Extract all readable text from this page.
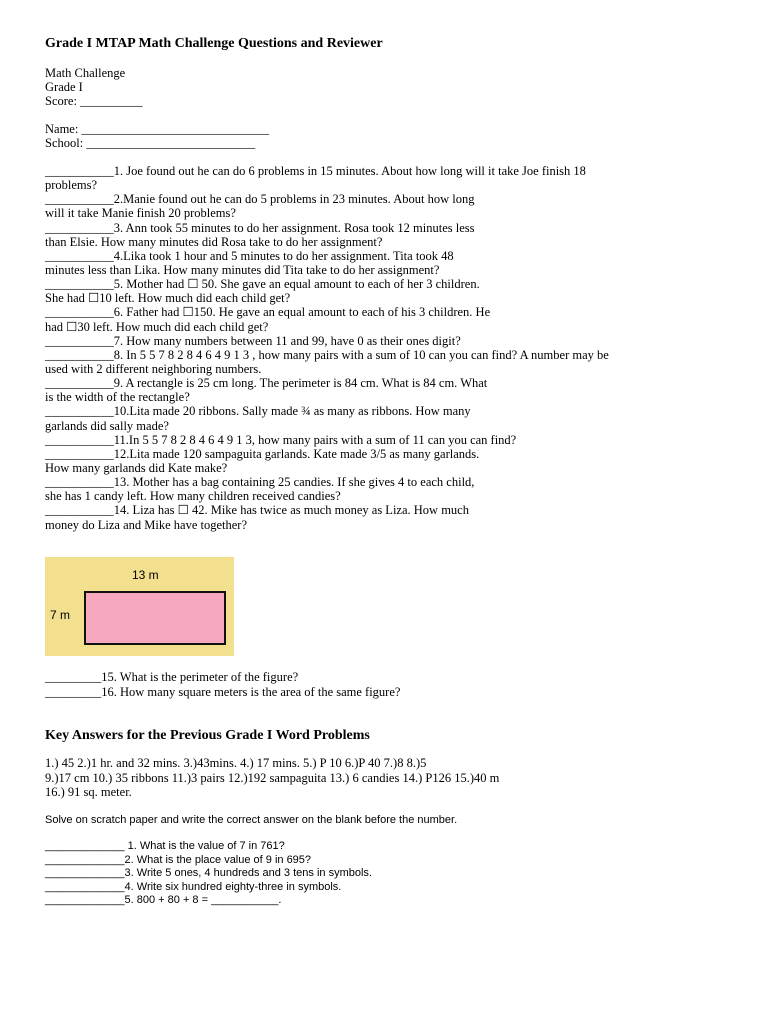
Grade I MTAP Math Challenge Questions and Reviewer
Math Challenge
Grade I
Score: __________
Name: ______________________________
School: ___________________________
___________1. Joe found out he can do 6 problems in 15 minutes. About how long will it take Joe finish 18
problems?
___________2.Manie found out he can do 5 problems in 23 minutes. About how long
will it take Manie finish 20 problems?
___________3. Ann took 55 minutes to do her assignment. Rosa took 12 minutes less
than Elsie. How many minutes did Rosa take to do her assignment?
___________4.Lika took 1 hour and 5 minutes to do her assignment. Tita took 48
minutes less than Lika. How many minutes did Tita take to do her assignment?
___________5. Mother had ☐ 50. She gave an equal amount to each of her 3 children.
She had ☐10 left. How much did each child get?
___________6. Father had ☐150. He gave an equal amount to each of his 3 children. He
had ☐30 left. How much did each child get?
___________7. How many numbers between 11 and 99, have 0 as their ones digit?
___________8. In 5 5 7 8 2 8 4 6 4 9 1 3 , how many pairs with a sum of 10 can you can find? A number may be
used with 2 different neighboring numbers.
___________9. A rectangle is 25 cm long. The perimeter is 84 cm. What is 84 cm. What
is the width of the rectangle?
___________10.Lita made 20 ribbons. Sally made ¾ as many as ribbons. How many
garlands did sally made?
___________11.In 5 5 7 8 2 8 4 6 4 9 1 3, how many pairs with a sum of 11 can you can find?
___________12.Lita made 120 sampaguita garlands. Kate made 3/5 as many garlands.
How many garlands did Kate make?
___________13. Mother has a bag containing 25 candies. If she gives 4 to each child,
she has 1 candy left. How many children received candies?
___________14. Liza has ☐ 42. Mike has twice as much money as Liza. How much
money do Liza and Mike have together?
13 m
7 m
_________15. What is the perimeter of the figure?
_________16. How many square meters is the area of the same figure?
Key Answers for the Previous Grade I Word Problems
1.) 45 2.)1 hr. and 32 mins. 3.)43mins. 4.) 17 mins. 5.) P 10 6.)P 40 7.)8 8.)5
9.)17 cm 10.) 35 ribbons 11.)3 pairs 12.)192 sampaguita 13.) 6 candies 14.) P126 15.)40 m
16.) 91 sq. meter.
Solve on scratch paper and write the correct answer on the blank before the number.
_____________ 1. What is the value of 7 in 761?
_____________2. What is the place value of 9 in 695?
_____________3. Write 5 ones, 4 hundreds and 3 tens in symbols.
_____________4. Write six hundred eighty-three in symbols.
_____________5. 800 + 80 + 8 = ___________.
